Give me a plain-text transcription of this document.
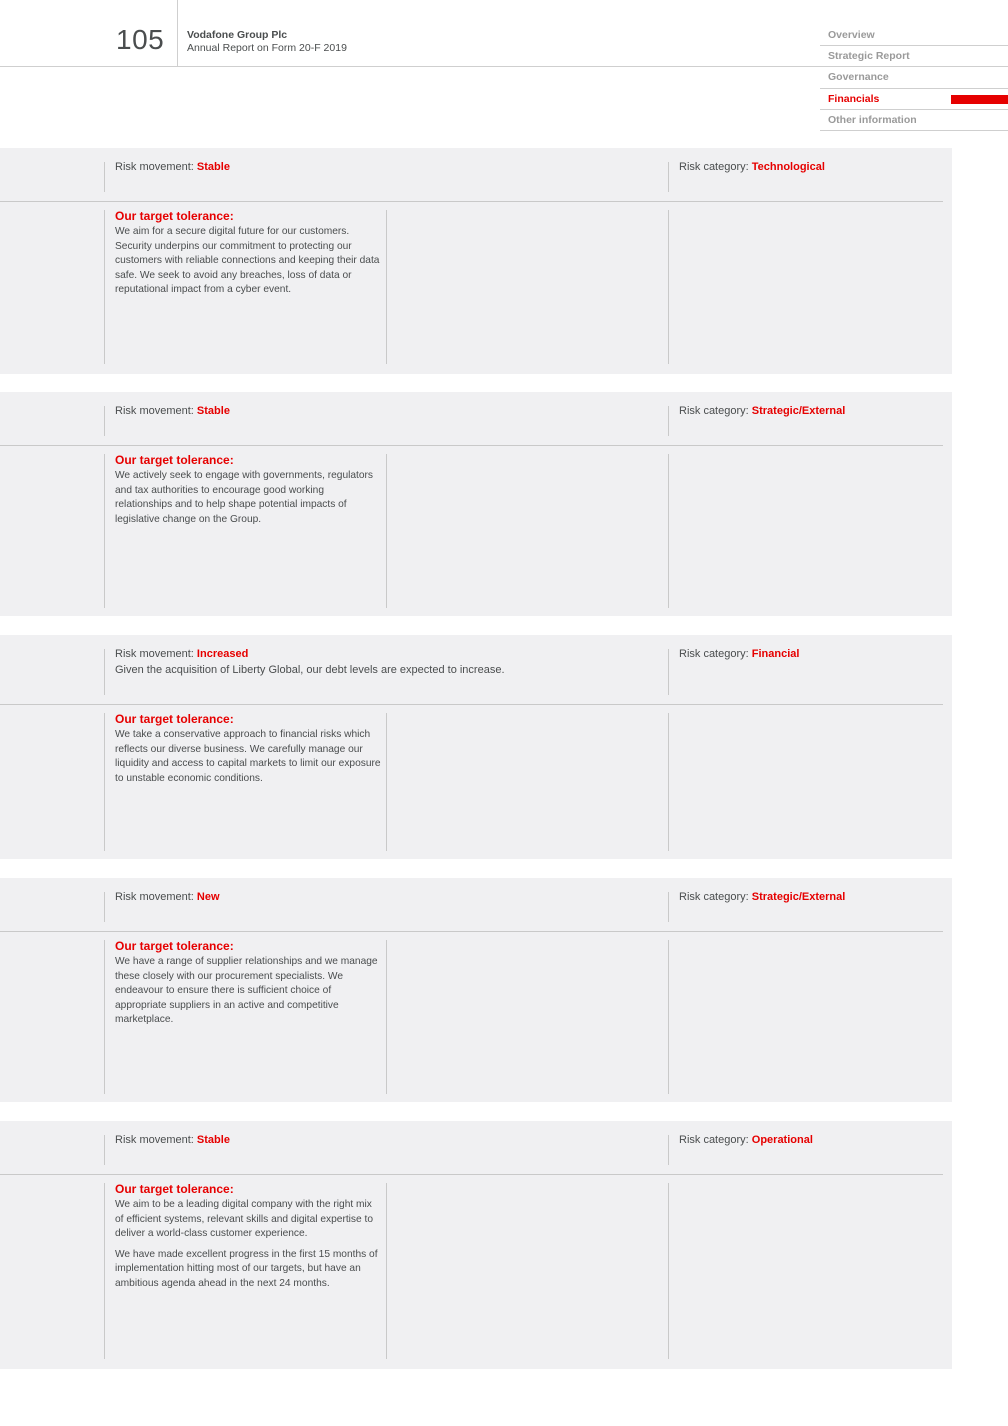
105 Vodafone Group Plc
Annual Report on Form 20-F 2019
Overview
Strategic Report
Governance
Financials
Other information
Risk movement: Stable	Risk category: Technological
Our target tolerance:

We aim for a secure digital future for our customers. Security underpins our commitment to protecting our customers with reliable connections and keeping their data safe. We seek to avoid any breaches, loss of data or reputational impact from a cyber event.

Risk movement: Stable	Risk category: Strategic/External
Our target tolerance:

We actively seek to engage with governments, regulators and tax authorities to encourage good working relationships and to help shape potential impacts of legislative change on the Group.

Risk movement: Increased
Given the acquisition of Liberty Global, our debt levels are expected to increase.
Risk category: Financial
Our target tolerance:

We take a conservative approach to financial risks which reflects our diverse business. We carefully manage our liquidity and access to capital markets to limit our exposure to unstable economic conditions.

Risk movement: New	Risk category: Strategic/External
Our target tolerance:

We have a range of supplier relationships and we manage these closely with our procurement specialists. We endeavour to ensure there is sufficient choice of appropriate suppliers in an active and competitive marketplace.

Risk movement: Stable	Risk category: Operational
Our target tolerance:

We aim to be a leading digital company with the right mix of efficient systems, relevant skills and digital expertise to deliver a world-class customer experience.

We have made excellent progress in the first 15 months of implementation hitting most of our targets, but have an ambitious agenda ahead in the next 24 months.
